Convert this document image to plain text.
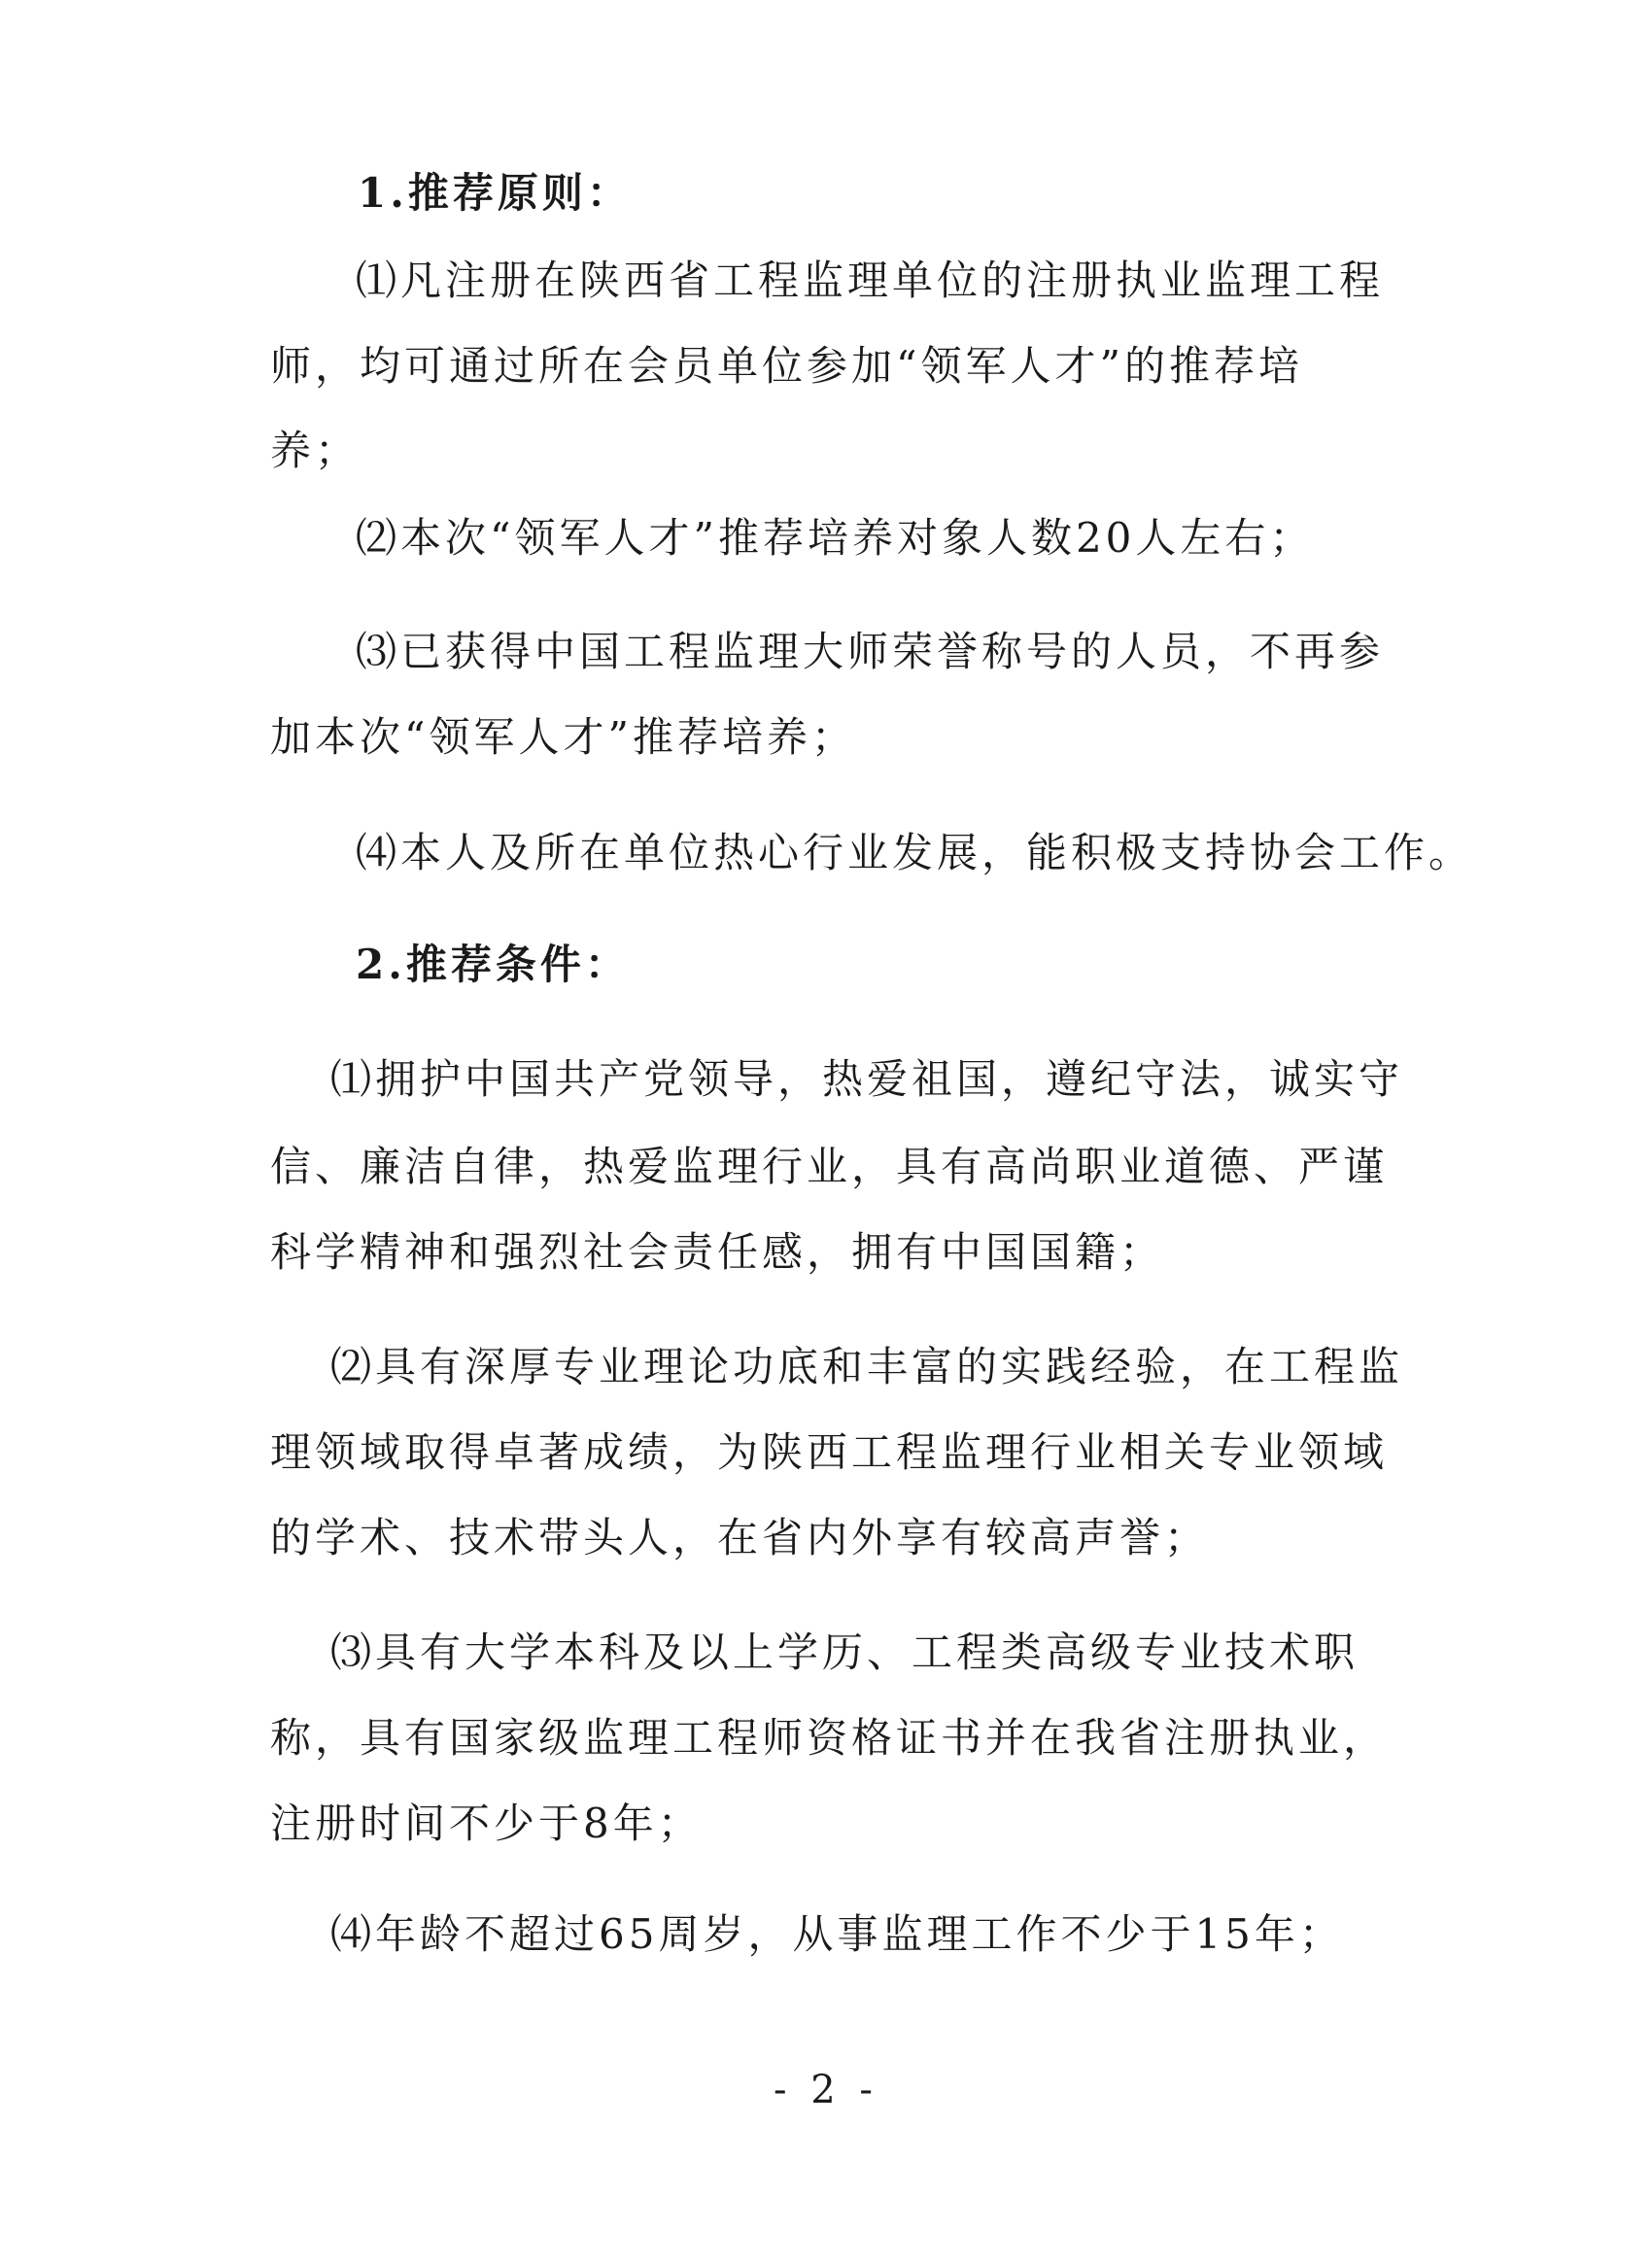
1.推荐原则：
⑴凡注册在陕西省工程监理单位的注册执业监理工程
师，均可通过所在会员单位参加“领军人才”的推荐培
养；
⑵本次“领军人才”推荐培养对象人数20人左右；
⑶已获得中国工程监理大师荣誉称号的人员，不再参
加本次“领军人才”推荐培养；
⑷本人及所在单位热心行业发展，能积极支持协会工作。
2.推荐条件：
⑴拥护中国共产党领导，热爱祖国，遵纪守法，诚实守
信、廉洁自律，热爱监理行业，具有高尚职业道德、严谨
科学精神和强烈社会责任感，拥有中国国籍；
⑵具有深厚专业理论功底和丰富的实践经验，在工程监
理领域取得卓著成绩，为陕西工程监理行业相关专业领域
的学术、技术带头人，在省内外享有较高声誉；
⑶具有大学本科及以上学历、工程类高级专业技术职
称，具有国家级监理工程师资格证书并在我省注册执业，
注册时间不少于8年；
⑷年龄不超过65周岁，从事监理工作不少于15年；
- 2 -
